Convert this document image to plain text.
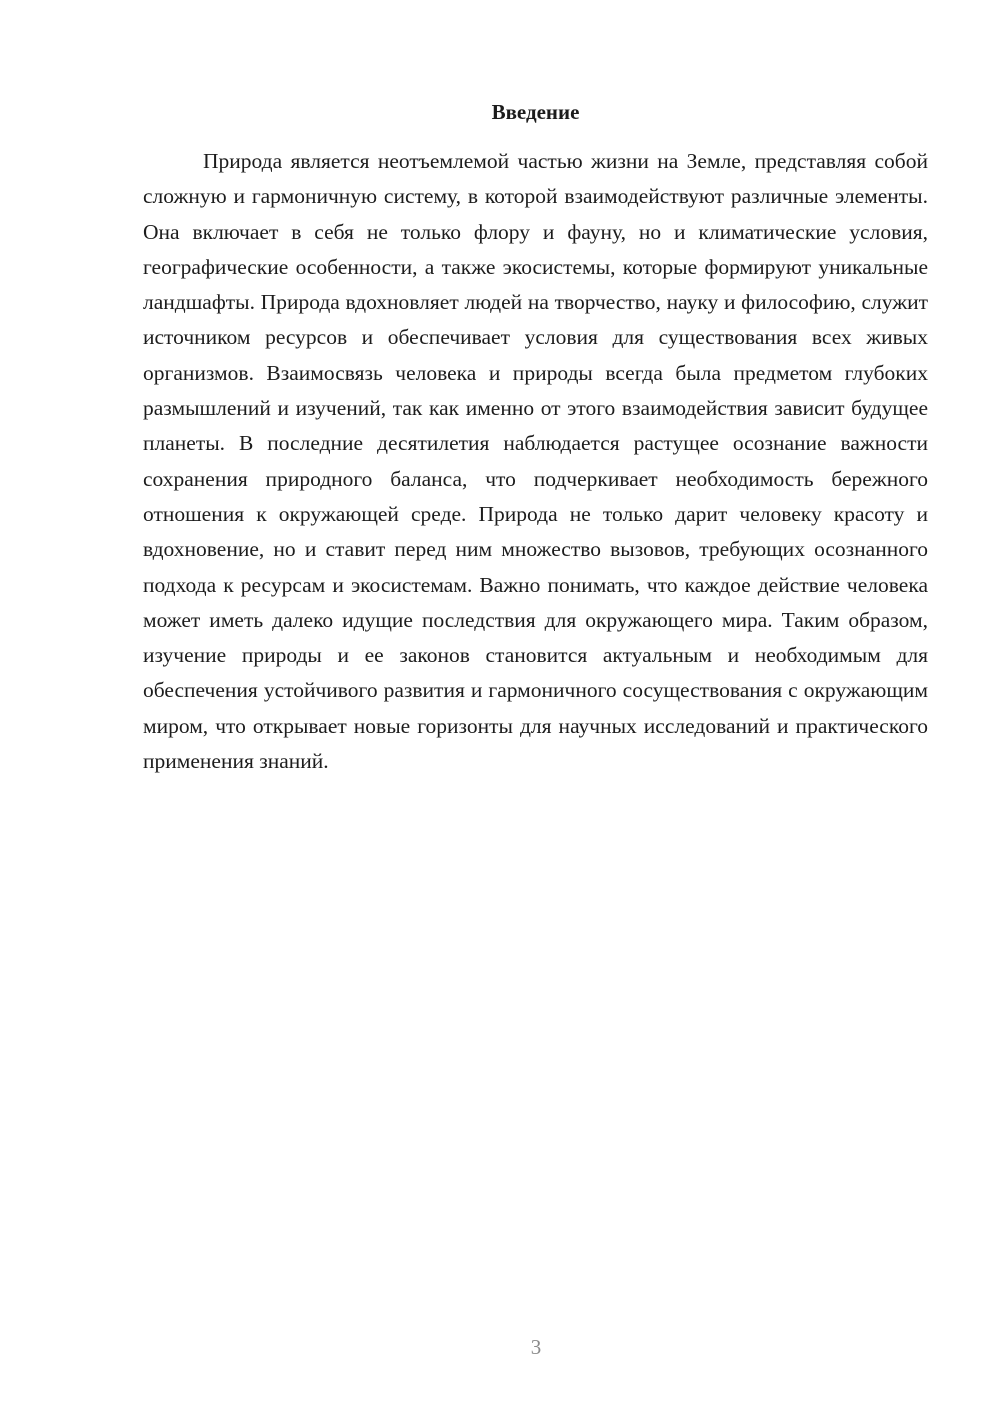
Введение

Природа является неотъемлемой частью жизни на Земле, представляя собой сложную и гармоничную систему, в которой взаимодействуют различные элементы. Она включает в себя не только флору и фауну, но и климатические условия, географические особенности, а также экосистемы, которые формируют уникальные ландшафты. Природа вдохновляет людей на творчество, науку и философию, служит источником ресурсов и обеспечивает условия для существования всех живых организмов. Взаимосвязь человека и природы всегда была предметом глубоких размышлений и изучений, так как именно от этого взаимодействия зависит будущее планеты. В последние десятилетия наблюдается растущее осознание важности сохранения природного баланса, что подчеркивает необходимость бережного отношения к окружающей среде. Природа не только дарит человеку красоту и вдохновение, но и ставит перед ним множество вызовов, требующих осознанного подхода к ресурсам и экосистемам. Важно понимать, что каждое действие человека может иметь далеко идущие последствия для окружающего мира. Таким образом, изучение природы и ее законов становится актуальным и необходимым для обеспечения устойчивого развития и гармоничного сосуществования с окружающим миром, что открывает новые горизонты для научных исследований и практического применения знаний.

3
